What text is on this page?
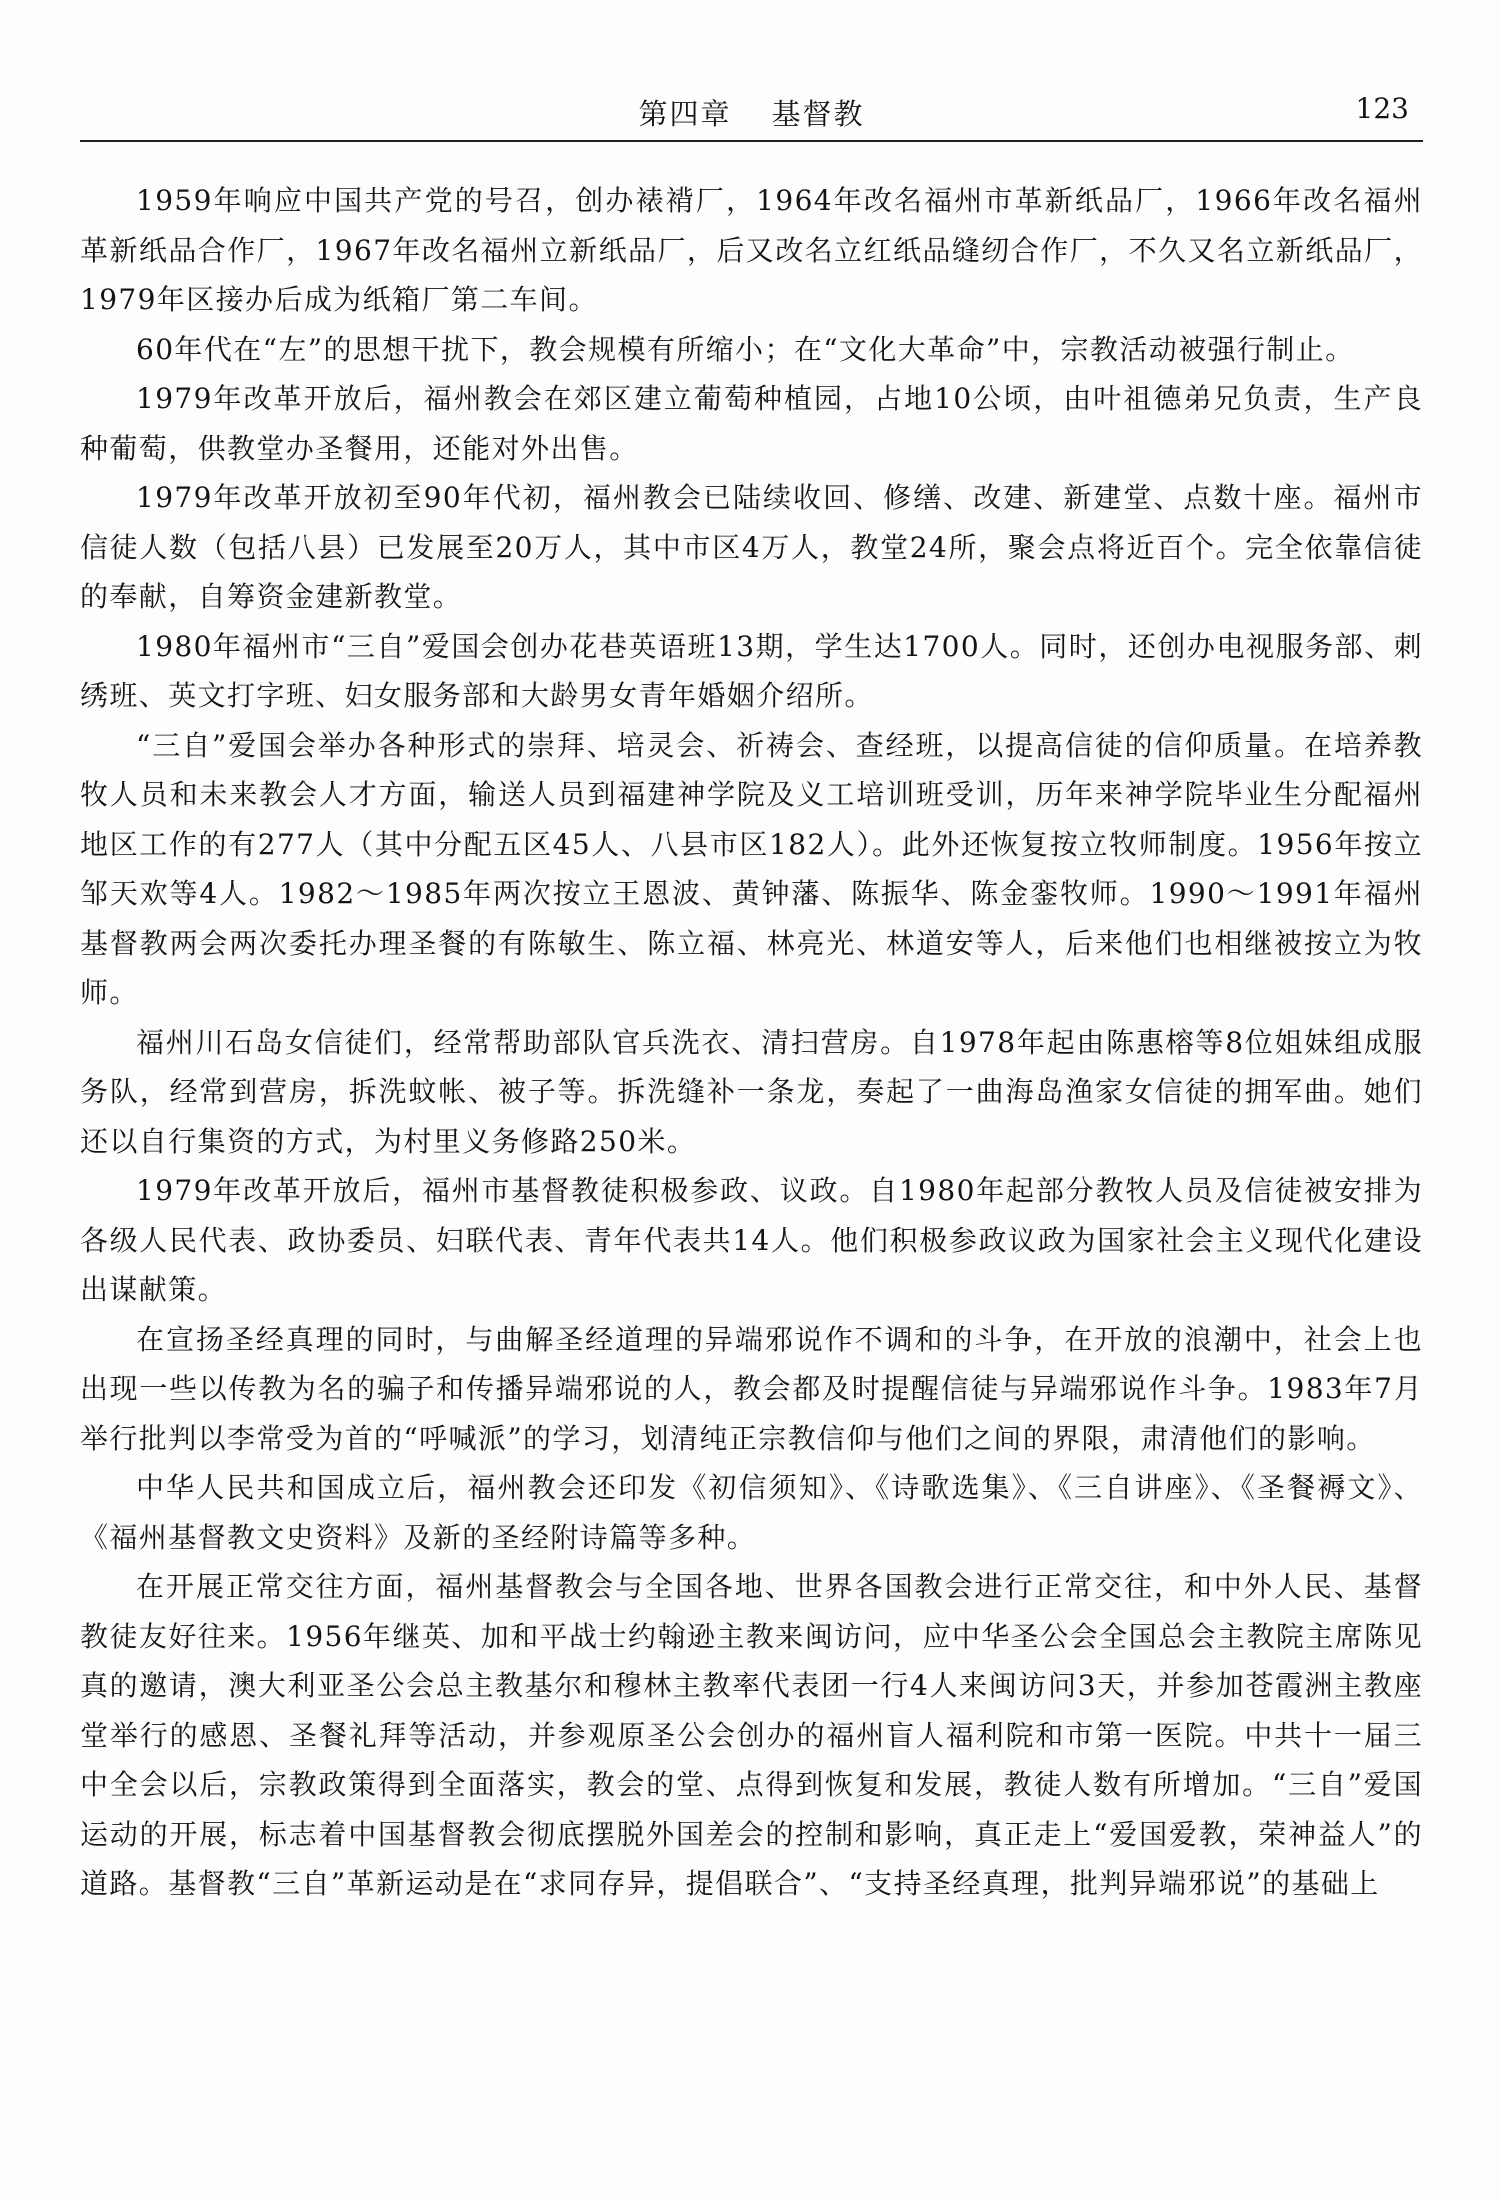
第四章 基督教	123

1959年响应中国共产党的号召，创办裱褙厂，1964年改名福州市革新纸品厂，1966年改名福州革新纸品合作厂，1967年改名福州立新纸品厂，后又改名立红纸品缝纫合作厂，不久又名立新纸品厂，1979年区接办后成为纸箱厂第二车间。

60年代在“左”的思想干扰下，教会规模有所缩小；在“文化大革命”中，宗教活动被强行制止。

1979年改革开放后，福州教会在郊区建立葡萄种植园，占地10公顷，由叶祖德弟兄负责，生产良种葡萄，供教堂办圣餐用，还能对外出售。

1979年改革开放初至90年代初，福州教会已陆续收回、修缮、改建、新建堂、点数十座。福州市信徒人数（包括八县）已发展至20万人，其中市区4万人，教堂24所，聚会点将近百个。完全依靠信徒的奉献，自筹资金建新教堂。

1980年福州市“三自”爱国会创办花巷英语班13期，学生达1700人。同时，还创办电视服务部、刺绣班、英文打字班、妇女服务部和大龄男女青年婚姻介绍所。

“三自”爱国会举办各种形式的崇拜、培灵会、祈祷会、查经班，以提高信徒的信仰质量。在培养教牧人员和未来教会人才方面，输送人员到福建神学院及义工培训班受训，历年来神学院毕业生分配福州地区工作的有277人（其中分配五区45人、八县市区182人）。此外还恢复按立牧师制度。1956年按立邹天欢等4人。1982～1985年两次按立王恩波、黄钟藩、陈振华、陈金銮牧师。1990～1991年福州基督教两会两次委托办理圣餐的有陈敏生、陈立福、林亮光、林道安等人，后来他们也相继被按立为牧师。

福州川石岛女信徒们，经常帮助部队官兵洗衣、清扫营房。自1978年起由陈惠榕等8位姐妹组成服务队，经常到营房，拆洗蚊帐、被子等。拆洗缝补一条龙，奏起了一曲海岛渔家女信徒的拥军曲。她们还以自行集资的方式，为村里义务修路250米。

1979年改革开放后，福州市基督教徒积极参政、议政。自1980年起部分教牧人员及信徒被安排为各级人民代表、政协委员、妇联代表、青年代表共14人。他们积极参政议政为国家社会主义现代化建设出谋献策。

在宣扬圣经真理的同时，与曲解圣经道理的异端邪说作不调和的斗争，在开放的浪潮中，社会上也出现一些以传教为名的骗子和传播异端邪说的人，教会都及时提醒信徒与异端邪说作斗争。1983年7月举行批判以李常受为首的“呼喊派”的学习，划清纯正宗教信仰与他们之间的界限，肃清他们的影响。

中华人民共和国成立后，福州教会还印发《初信须知》、《诗歌选集》、《三自讲座》、《圣餐褥文》、《福州基督教文史资料》及新的圣经附诗篇等多种。

在开展正常交往方面，福州基督教会与全国各地、世界各国教会进行正常交往，和中外人民、基督教徒友好往来。1956年继英、加和平战士约翰逊主教来闽访问，应中华圣公会全国总会主教院主席陈见真的邀请，澳大利亚圣公会总主教基尔和穆林主教率代表团一行4人来闽访问3天，并参加苍霞洲主教座堂举行的感恩、圣餐礼拜等活动，并参观原圣公会创办的福州盲人福利院和市第一医院。中共十一届三中全会以后，宗教政策得到全面落实，教会的堂、点得到恢复和发展，教徒人数有所增加。“三自”爱国运动的开展，标志着中国基督教会彻底摆脱外国差会的控制和影响，真正走上“爱国爱教，荣神益人”的道路。基督教“三自”革新运动是在“求同存异，提倡联合”、“支持圣经真理，批判异端邪说”的基础上
